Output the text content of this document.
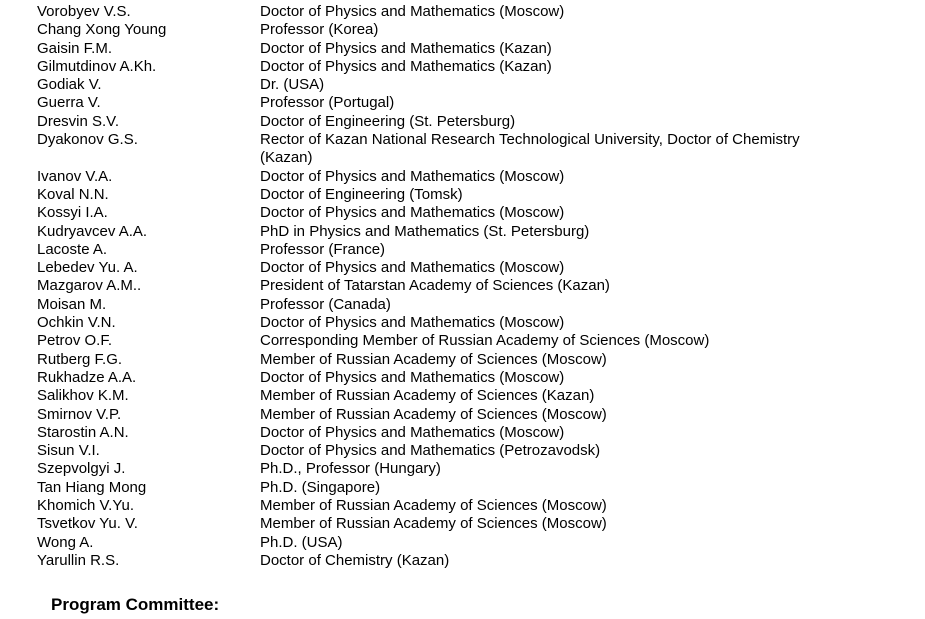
Vorobyev V.S.	Doctor of Physics and Mathematics (Moscow)
Chang Xong Young	Professor (Korea)
Gaisin F.M.	Doctor of Physics and Mathematics (Kazan)
Gilmutdinov A.Kh.	Doctor of Physics and Mathematics (Kazan)
Godiak V.	Dr. (USA)
Guerra V.	Professor (Portugal)
Dresvin S.V.	Doctor of Engineering (St. Petersburg)
Dyakonov G.S.	Rector of Kazan National Research Technological University, Doctor of Chemistry (Kazan)
Ivanov V.A.	Doctor of Physics and Mathematics (Moscow)
Koval N.N.	Doctor of Engineering (Tomsk)
Kossyi I.A.	Doctor of Physics and Mathematics (Moscow)
Kudryavcev A.A.	PhD in Physics and Mathematics (St. Petersburg)
Lacoste A.	Professor (France)
Lebedev Yu. A.	Doctor of Physics and Mathematics (Moscow)
Mazgarov A.M..	President of Tatarstan Academy of Sciences (Kazan)
Moisan M.	Professor (Canada)
Ochkin V.N.	Doctor of Physics and Mathematics (Moscow)
Petrov O.F.	Corresponding Member of Russian Academy of Sciences (Moscow)
Rutberg F.G.	Member of Russian Academy of Sciences (Moscow)
Rukhadze A.A.	Doctor of Physics and Mathematics (Moscow)
Salikhov K.M.	Member of Russian Academy of Sciences (Kazan)
Smirnov V.P.	Member of Russian Academy of Sciences (Moscow)
Starostin A.N.	Doctor of Physics and Mathematics (Moscow)
Sisun V.I.	Doctor of Physics and Mathematics (Petrozavodsk)
Szepvolgyi J.	Ph.D., Professor (Hungary)
Tan Hiang Mong	Ph.D. (Singapore)
Khomich V.Yu.	Member of Russian Academy of Sciences (Moscow)
Tsvetkov Yu. V.	Member of Russian Academy of Sciences (Moscow)
Wong A.	Ph.D. (USA)
Yarullin R.S.	Doctor of Chemistry (Kazan)
Program Committee:
